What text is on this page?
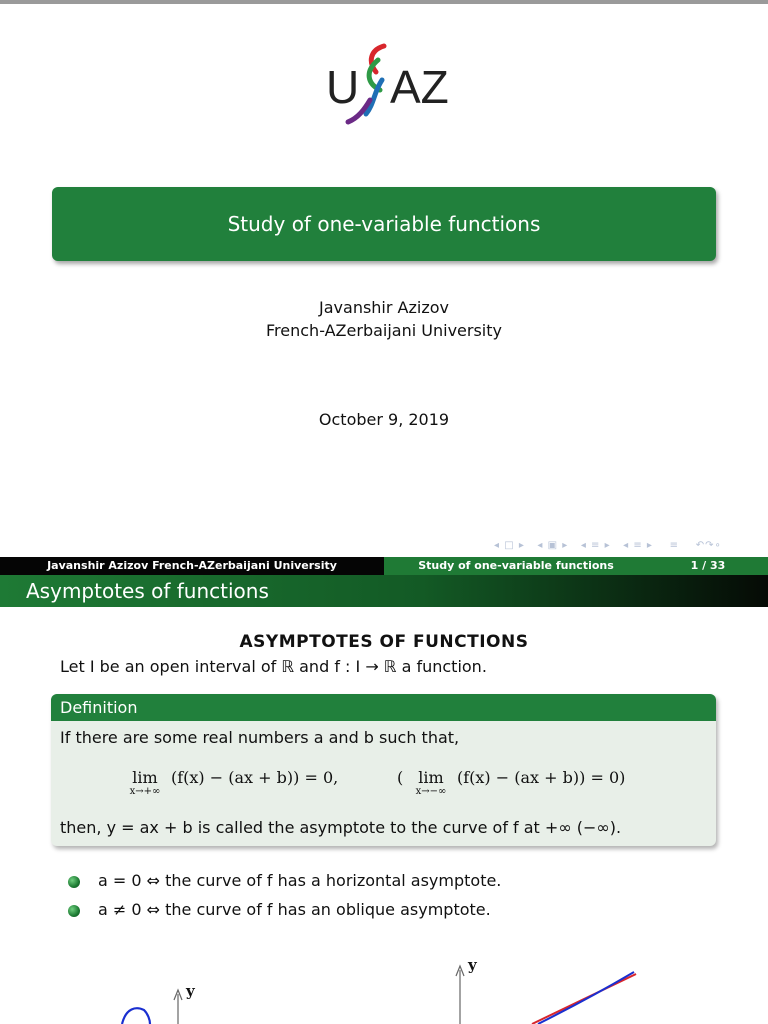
U AZ
Study of one-variable functions
Javanshir Azizov
French-AZerbaijani University
October 9, 2019
◂ □ ▸ ◂ ▣ ▸ ◂ ≡ ▸ ◂ ≡ ▸ ≡ ↶↷∘
Javanshir Azizov French-AZerbaijani University	Study of one-variable functions	1 / 33
Asymptotes of functions
ASYMPTOTES OF FUNCTIONS
Let I be an open interval of ℝ and f : I → ℝ a function.
Definition
If there are some real numbers a and b such that,
lim
x→+∞
(f(x) − (ax + b)) = 0,	( lim
x→−∞
(f(x) − (ax + b)) = 0)
then, y = ax + b is called the asymptote to the curve of f at +∞ (−∞).
a = 0 ⇔ the curve of f has a horizontal asymptote.
a ≠ 0 ⇔ the curve of f has an oblique asymptote.
y
y
